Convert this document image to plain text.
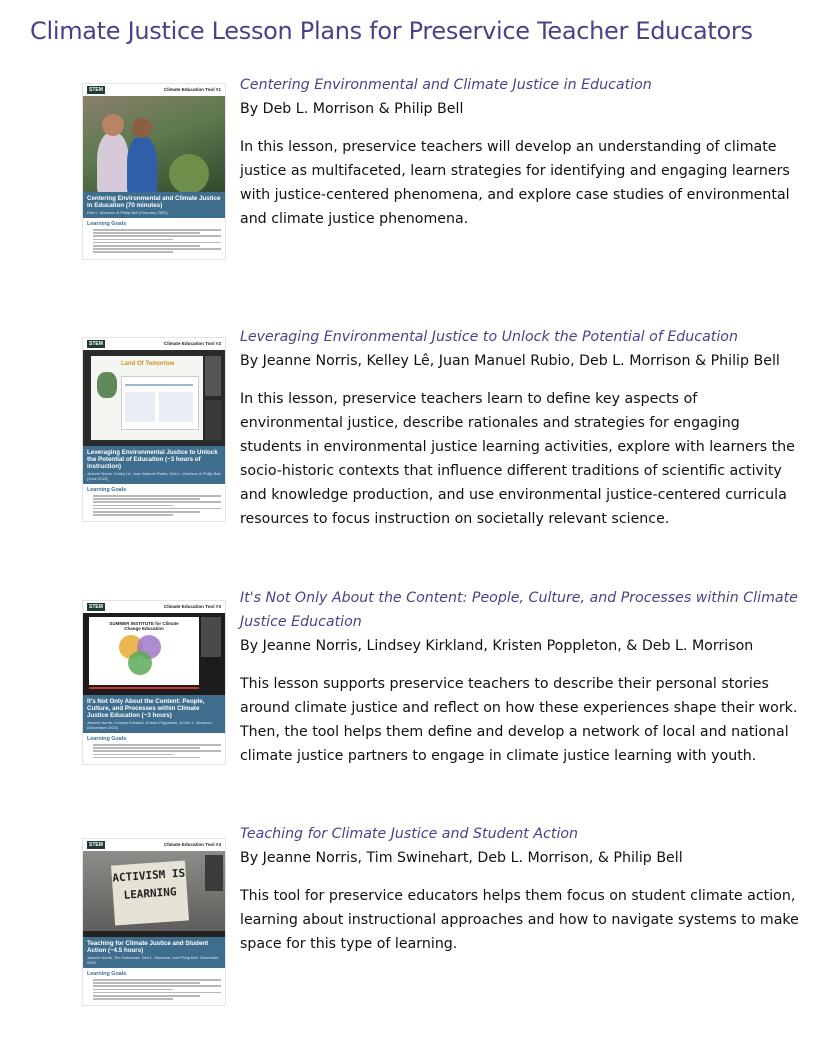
Climate Justice Lesson Plans for Preservice Teacher Educators
STEM	Climate Education Tool #1
Centering Environmental and Climate Justice in Education (70 minutes)
Deb L. Morrison & Philip Bell (February 2022)
Learning Goals

Centering Environmental and Climate Justice in Education

By Deb L. Morrison & Philip Bell

In this lesson, preservice teachers will develop an understanding of climate justice as multifaceted, learn strategies for identifying and engaging learners with justice-centered phenomena, and explore case studies of environmental and climate justice phenomena.

STEM	Climate Education Tool #2
Land Of Tomorrow
Leveraging Environmental Justice to Unlock the Potential of Education (~3 hours of instruction)
Jeanne Norris, Kelley Lê, Juan Manuel Rubio, Deb L. Morrison & Philip Bell (June 2022)
Learning Goals

Leveraging Environmental Justice to Unlock the Potential of Education

By Jeanne Norris, Kelley Lê, Juan Manuel Rubio, Deb L. Morrison & Philip Bell

In this lesson, preservice teachers learn to define key aspects of environmental justice, describe rationales and strategies for engaging students in environmental justice learning activities, explore with learners the socio-historic contexts that influence different traditions of scientific activity and knowledge production, and use environmental justice-centered curricula resources to focus instruction on societally relevant science.

STEM	Climate Education Tool #3
SUMMER INSTITUTE for Climate Change Education
It's Not Only About the Content: People, Culture, and Processes within Climate Justice Education (~3 hours)
Jeanne Norris, Lindsey Kirkland, Kristen Poppleton, & Deb L. Morrison (December 2022)
Learning Goals

It's Not Only About the Content: People, Culture, and Processes within Climate Justice Education

By Jeanne Norris, Lindsey Kirkland, Kristen Poppleton, & Deb L. Morrison

This lesson supports preservice teachers to describe their personal stories around climate justice and reflect on how these experiences shape their work. Then, the tool helps them define and develop a network of local and national climate justice partners to engage in climate justice learning with youth.

STEM	Climate Education Tool #4
ACTIVISM IS LEARNING
Teaching for Climate Justice and Student Action (~4.5 hours)
Jeanne Norris, Tim Swinehart, Deb L. Morrison, and Philip Bell. December 2022
Learning Goals

Teaching for Climate Justice and Student Action

By Jeanne Norris, Tim Swinehart, Deb L. Morrison, & Philip Bell

This tool for preservice educators helps them focus on student climate action, learning about instructional approaches and how to navigate systems to make space for this type of learning.
